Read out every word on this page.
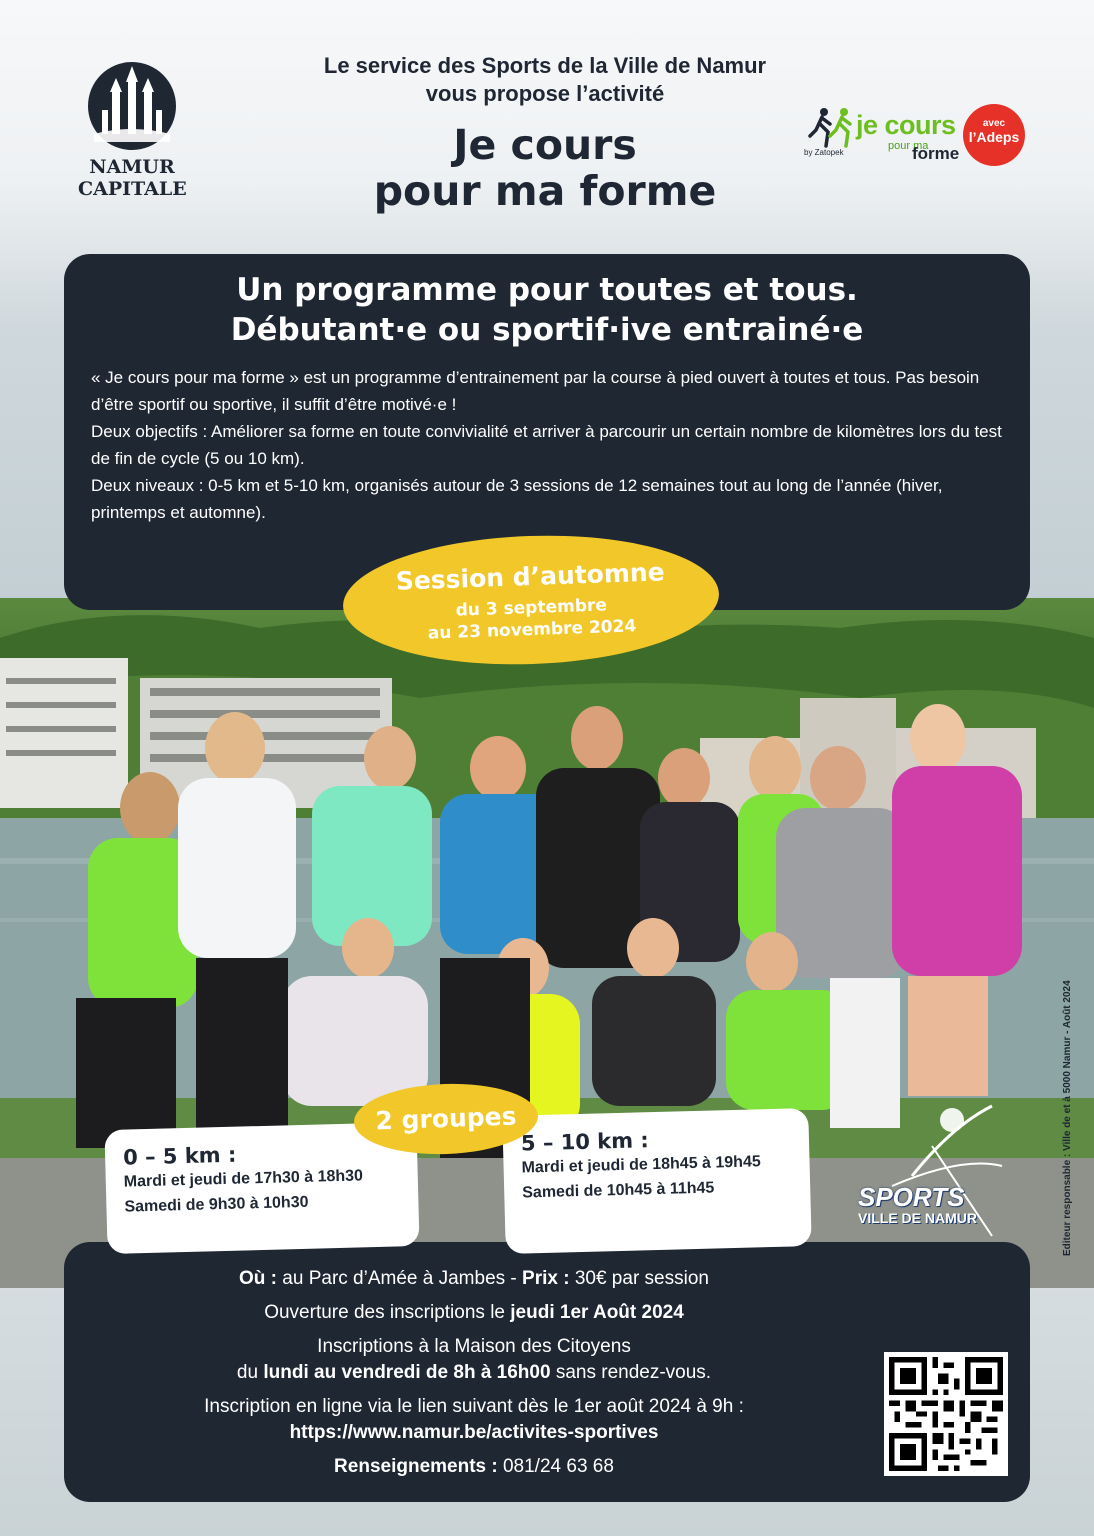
NAMUR
CAPITALE
Le service des Sports de la Ville de Namur
vous propose l’activité
Je cours
pour ma forme
by Zatopek
je cours
pour ma
forme
avec
l’Adeps
Un programme pour toutes et tous.
Débutant·e ou sportif·ive entrainé·e
« Je cours pour ma forme » est un programme d’entrainement par la course à pied ouvert à toutes et tous. Pas besoin d’être sportif ou sportive, il suffit d’être motivé·e !
Deux objectifs : Améliorer sa forme en toute convivialité et arriver à parcourir un certain nombre de kilomètres lors du test de fin de cycle (5 ou 10 km).
Deux niveaux : 0-5 km et 5-10 km, organisés autour de 3 sessions de 12 semaines tout au long de l’année (hiver, printemps et automne).
Session d’automne
du 3 septembre
au 23 novembre 2024
2 groupes
0 – 5 km :
Mardi et jeudi de 17h30 à 18h30
Samedi de 9h30 à 10h30
5 – 10 km :
Mardi et jeudi de 18h45 à 19h45
Samedi de 10h45 à 11h45	SPORTS
VILLE DE NAMUR	Editeur responsable : Ville de et à 5000 Namur - Août 2024
Où : au Parc d’Amée à Jambes - Prix : 30€ par session
Ouverture des inscriptions le jeudi 1er Août 2024
Inscriptions à la Maison des Citoyens
du lundi au vendredi de 8h à 16h00 sans rendez-vous.
Inscription en ligne via le lien suivant dès le 1er août 2024 à 9h :
https://www.namur.be/activites-sportives
Renseignements : 081/24 63 68
